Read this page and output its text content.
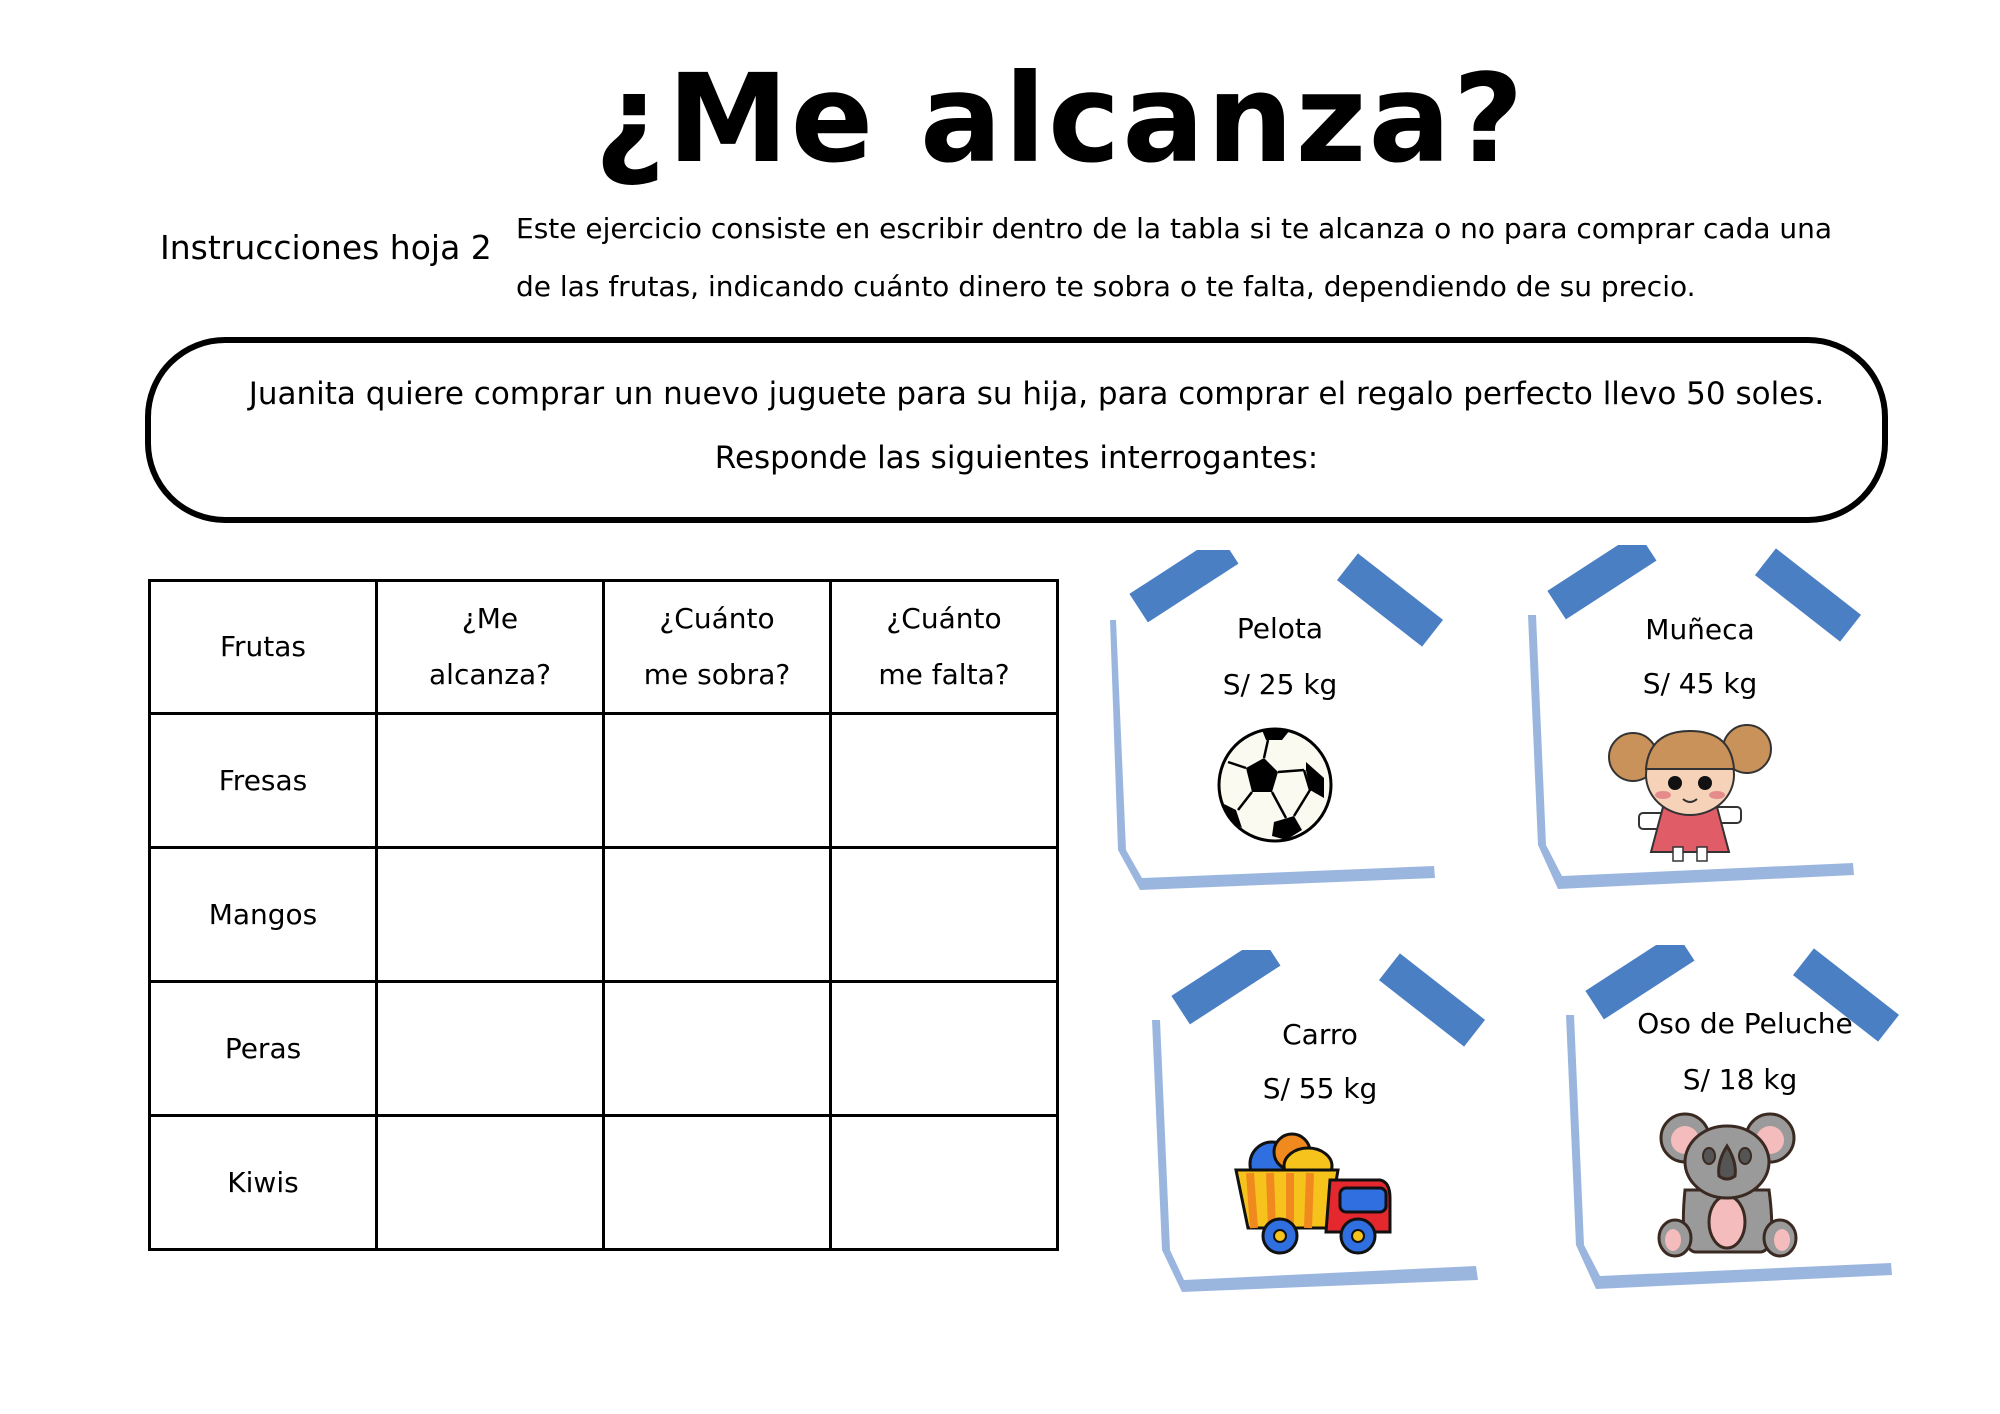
¿Me alcanza?
Instrucciones hoja 2 Este ejercicio consiste en escribir dentro de la tabla si te alcanza o no para comprar cada una
de las frutas, indicando cuánto dinero te sobra o te falta, dependiendo de su precio.
Juanita quiere comprar un nuevo juguete para su hija, para comprar el regalo perfecto llevo 50 soles.
Responde las siguientes interrogantes:
Frutas	
¿Me
alcanza?

¿Cuánto
me sobra?

¿Cuánto
me falta?

Fresas			
Mangos			
Peras			
Kiwis			
Pelota
S/ 25 kg
Muñeca
S/ 45 kg
Carro
S/ 55 kg
Oso de Peluche
S/ 18 kg
